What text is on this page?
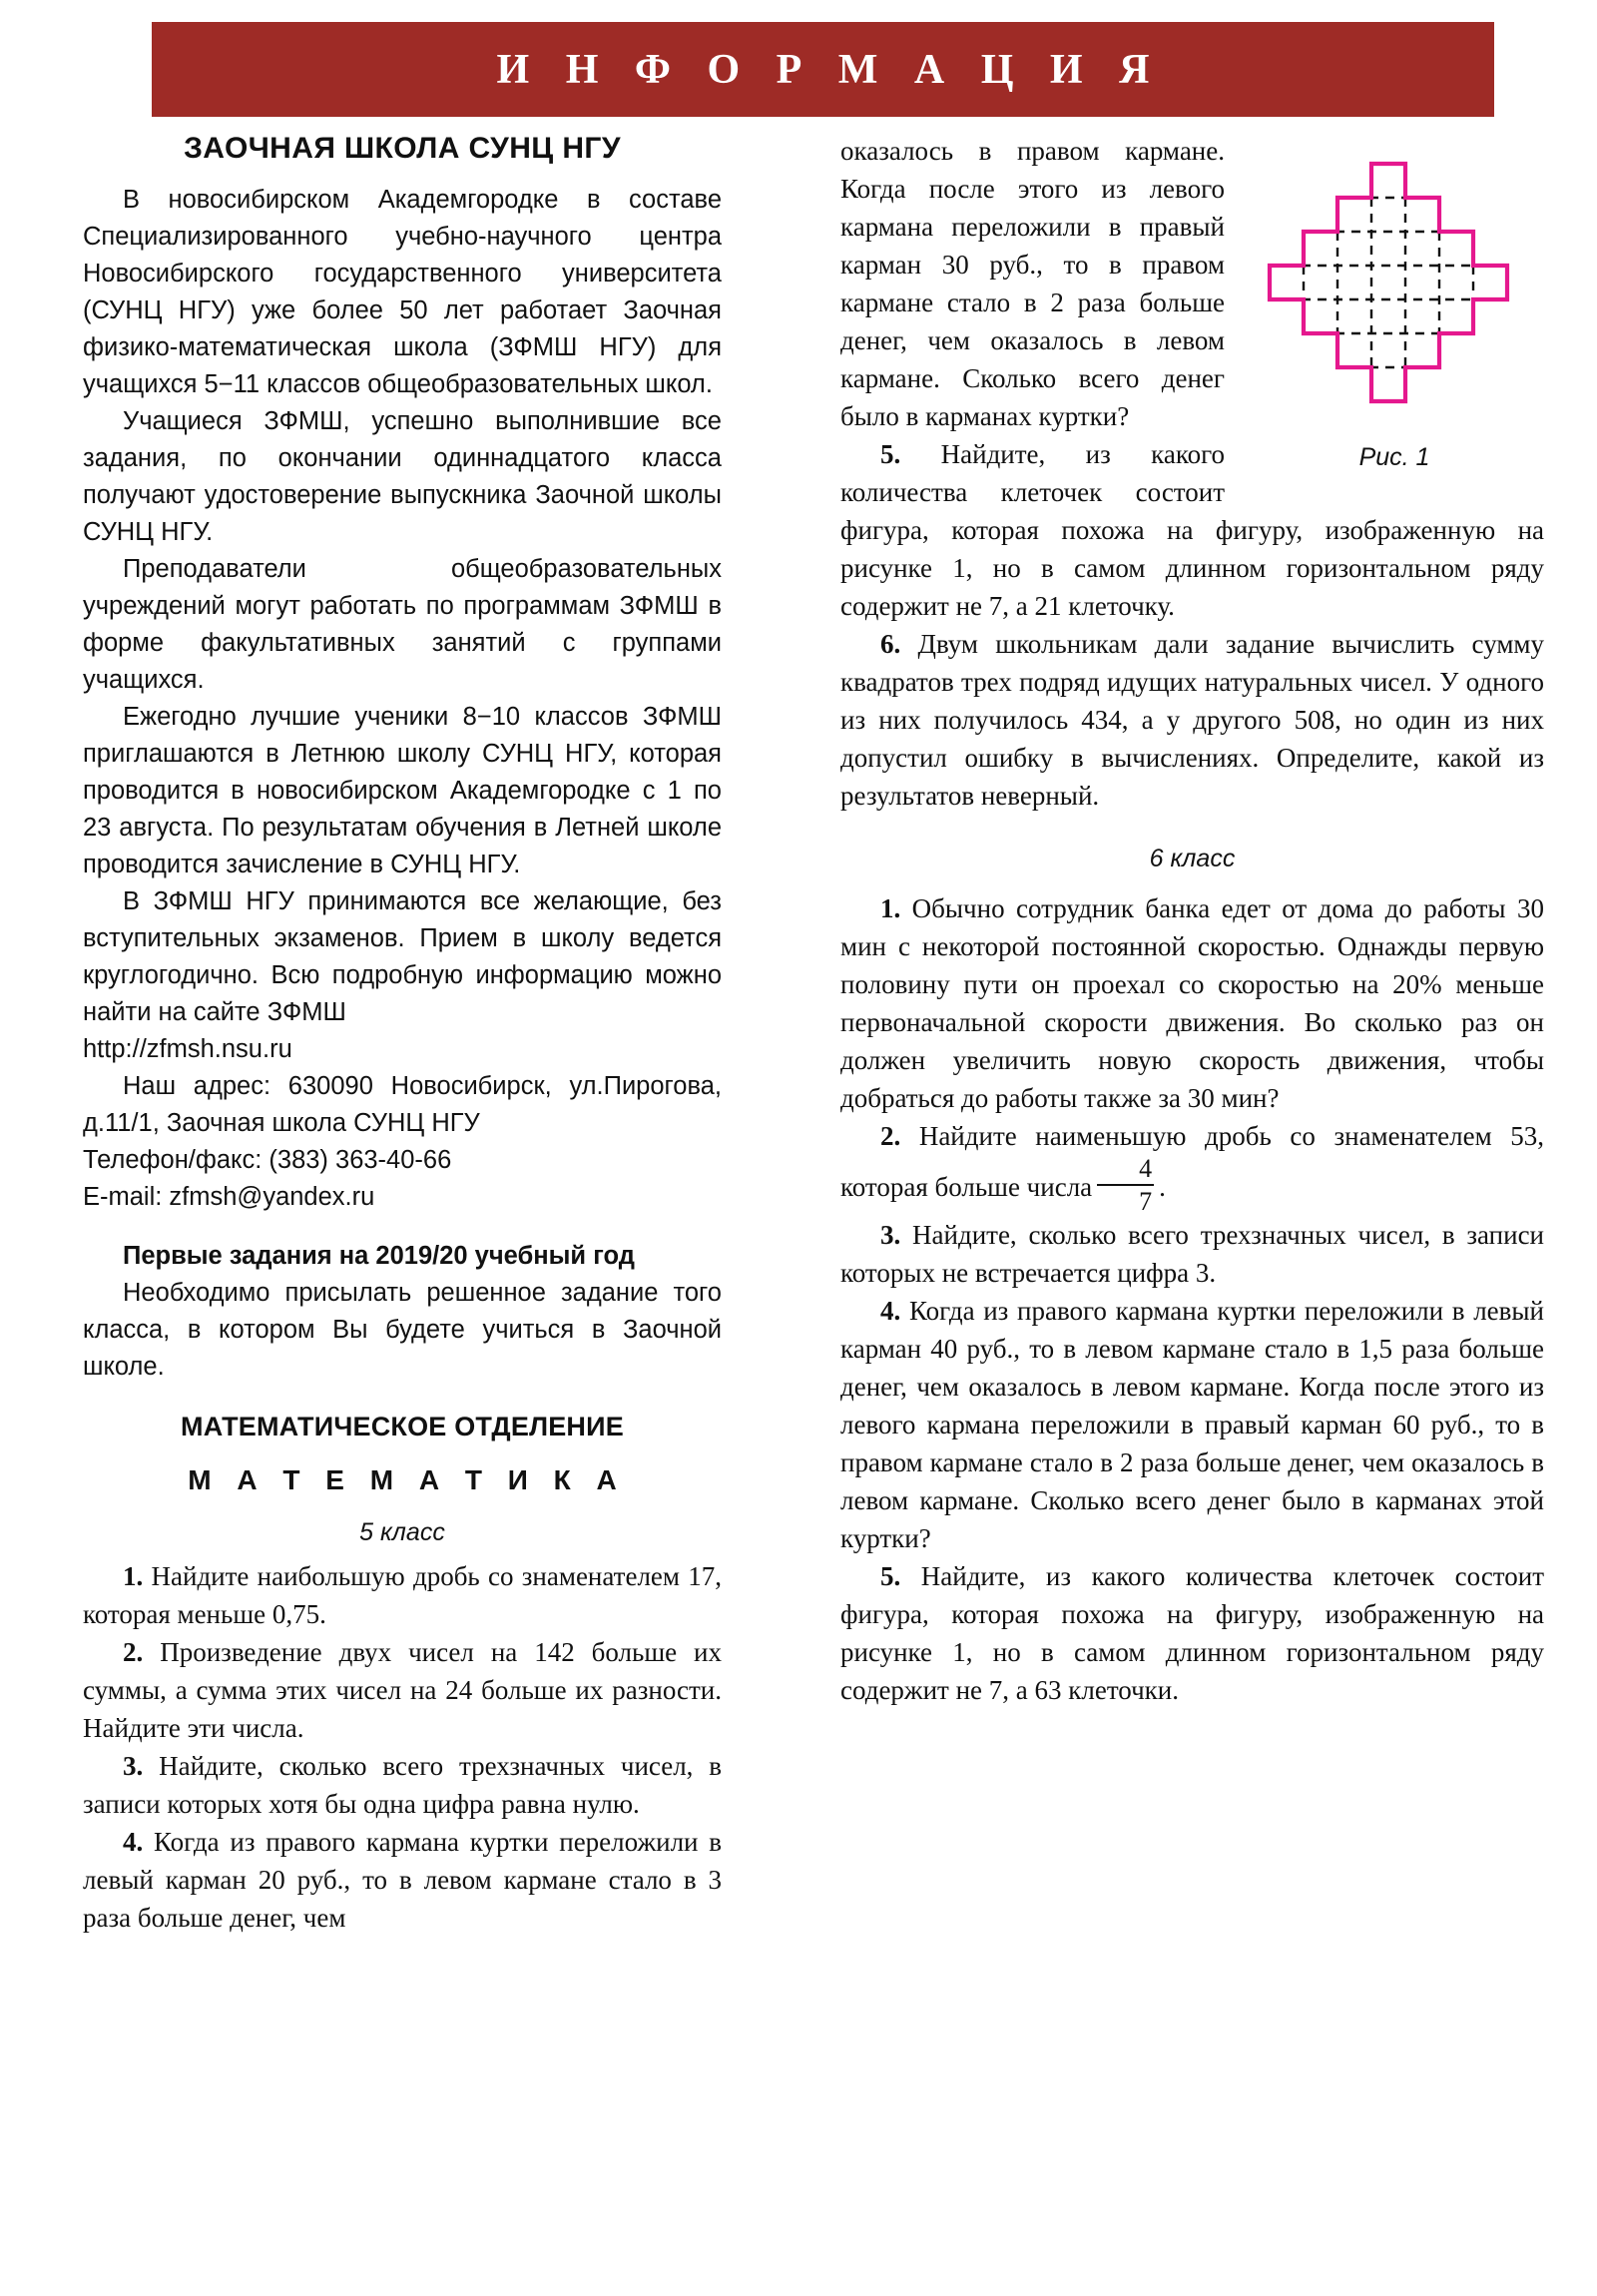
И Н Ф О Р М А Ц И Я
ЗАОЧНАЯ ШКОЛА СУНЦ НГУ

В новосибирском Академгородке в составе Специализированного учебно-научного центра Новосибирского государственного университета (СУНЦ НГУ) уже более 50 лет работает Заочная физико-математическая школа (ЗФМШ НГУ) для учащихся 5−11 классов общеобразовательных школ.

Учащиеся ЗФМШ, успешно выполнившие все задания, по окончании одиннадцатого класса получают удостоверение выпускника Заочной школы СУНЦ НГУ.

Преподаватели общеобразовательных учреждений могут работать по программам ЗФМШ в форме факультативных занятий с группами учащихся.

Ежегодно лучшие ученики 8−10 классов ЗФМШ приглашаются в Летнюю школу СУНЦ НГУ, которая проводится в новосибирском Академгородке с 1 по 23 августа. По результатам обучения в Летней школе проводится зачисление в СУНЦ НГУ.

В ЗФМШ НГУ принимаются все желающие, без вступительных экзаменов. Прием в школу ведется круглогодично. Всю подробную информацию можно найти на сайте ЗФМШ

http://zfmsh.nsu.ru

Наш адрес: 630090 Новосибирск, ул.Пирогова, д.11/1, Заочная школа СУНЦ НГУ

Телефон/факс: (383) 363-40-66

E-mail: zfmsh@yandex.ru

Первые задания на 2019/20 учебный год

Необходимо присылать решенное задание того класса, в котором Вы будете учиться в Заочной школе.

МАТЕМАТИЧЕСКОЕ ОТДЕЛЕНИЕ
М А Т Е М А Т И К А
5 класс

1. Найдите наибольшую дробь со знаменателем 17, которая меньше 0,75.

2. Произведение двух чисел на 142 больше их суммы, а сумма этих чисел на 24 больше их разности. Найдите эти числа.

3. Найдите, сколько всего трехзначных чисел, в записи которых хотя бы одна цифра равна нулю.

4. Когда из правого кармана куртки переложили в левый карман 20 руб., то в левом кармане стало в 3 раза больше денег, чем

Рис. 1

оказалось в правом кармане. Когда после этого из левого кармана переложили в правый карман 30 руб., то в правом кармане стало в 2 раза больше денег, чем оказалось в левом кармане. Сколько всего денег было в карманах куртки?

5. Найдите, из какого количества клеточек состоит фигура, которая похожа на фигуру, изображенную на рисунке 1, но в самом длинном горизонтальном ряду содержит не 7, а 21 клеточку.

6. Двум школьникам дали задание вычислить сумму квадратов трех подряд идущих натуральных чисел. У одного из них получилось 434, а у другого 508, но один из них допустил ошибку в вычислениях. Определите, какой из результатов неверный.

6 класс

1. Обычно сотрудник банка едет от дома до работы 30 мин с некоторой постоянной скоростью. Однажды первую половину пути он проехал со скоростью на 20% меньше первоначальной скорости движения. Во сколько раз он должен увеличить новую скорость движения, чтобы добраться до работы также за 30 мин?

2. Найдите наименьшую дробь со знаменателем 53, которая больше числа $\frac{4}{7}$ .

3. Найдите, сколько всего трехзначных чисел, в записи которых не встречается цифра 3.

4. Когда из правого кармана куртки переложили в левый карман 40 руб., то в левом кармане стало в 1,5 раза больше денег, чем оказалось в левом кармане. Когда после этого из левого кармана переложили в правый карман 60 руб., то в правом кармане стало в 2 раза больше денег, чем оказалось в левом кармане. Сколько всего денег было в карманах этой куртки?

5. Найдите, из какого количества клеточек состоит фигура, которая похожа на фигуру, изображенную на рисунке 1, но в самом длинном горизонтальном ряду содержит не 7, а 63 клеточки.
